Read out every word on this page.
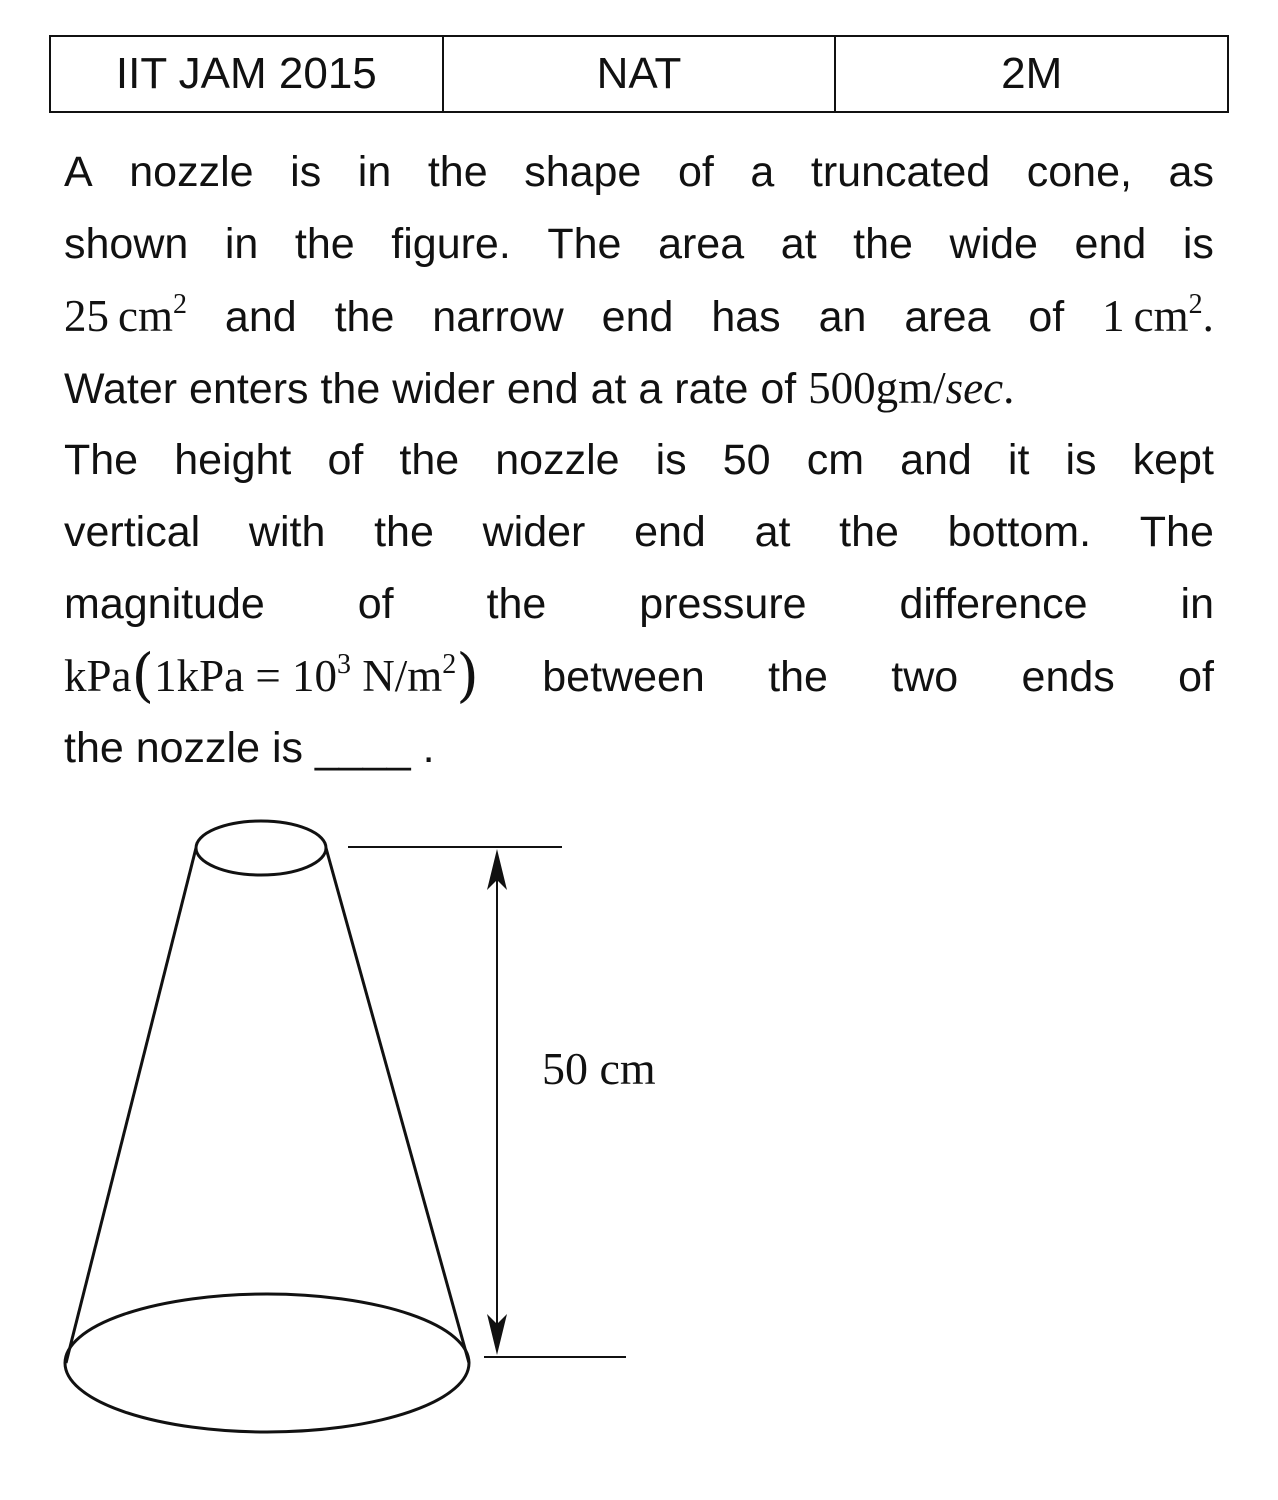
IIT JAM 2015	NAT	2M
A nozzle is in the shape of a truncated cone, as
shown in the figure. The area at the wide end is
25  $cm^2$ and the narrow end has an area of 1  $cm^2$.
Water enters the wider end at a rate of 500gm/sec.
The height of the nozzle is 50 cm and it is kept
vertical with the wider end at the bottom. The
magnitude of the pressure difference in
$kPa(1kPa = 10^3$ $N/m^2$) between the two ends of
the nozzle is ____ .
50 cm
